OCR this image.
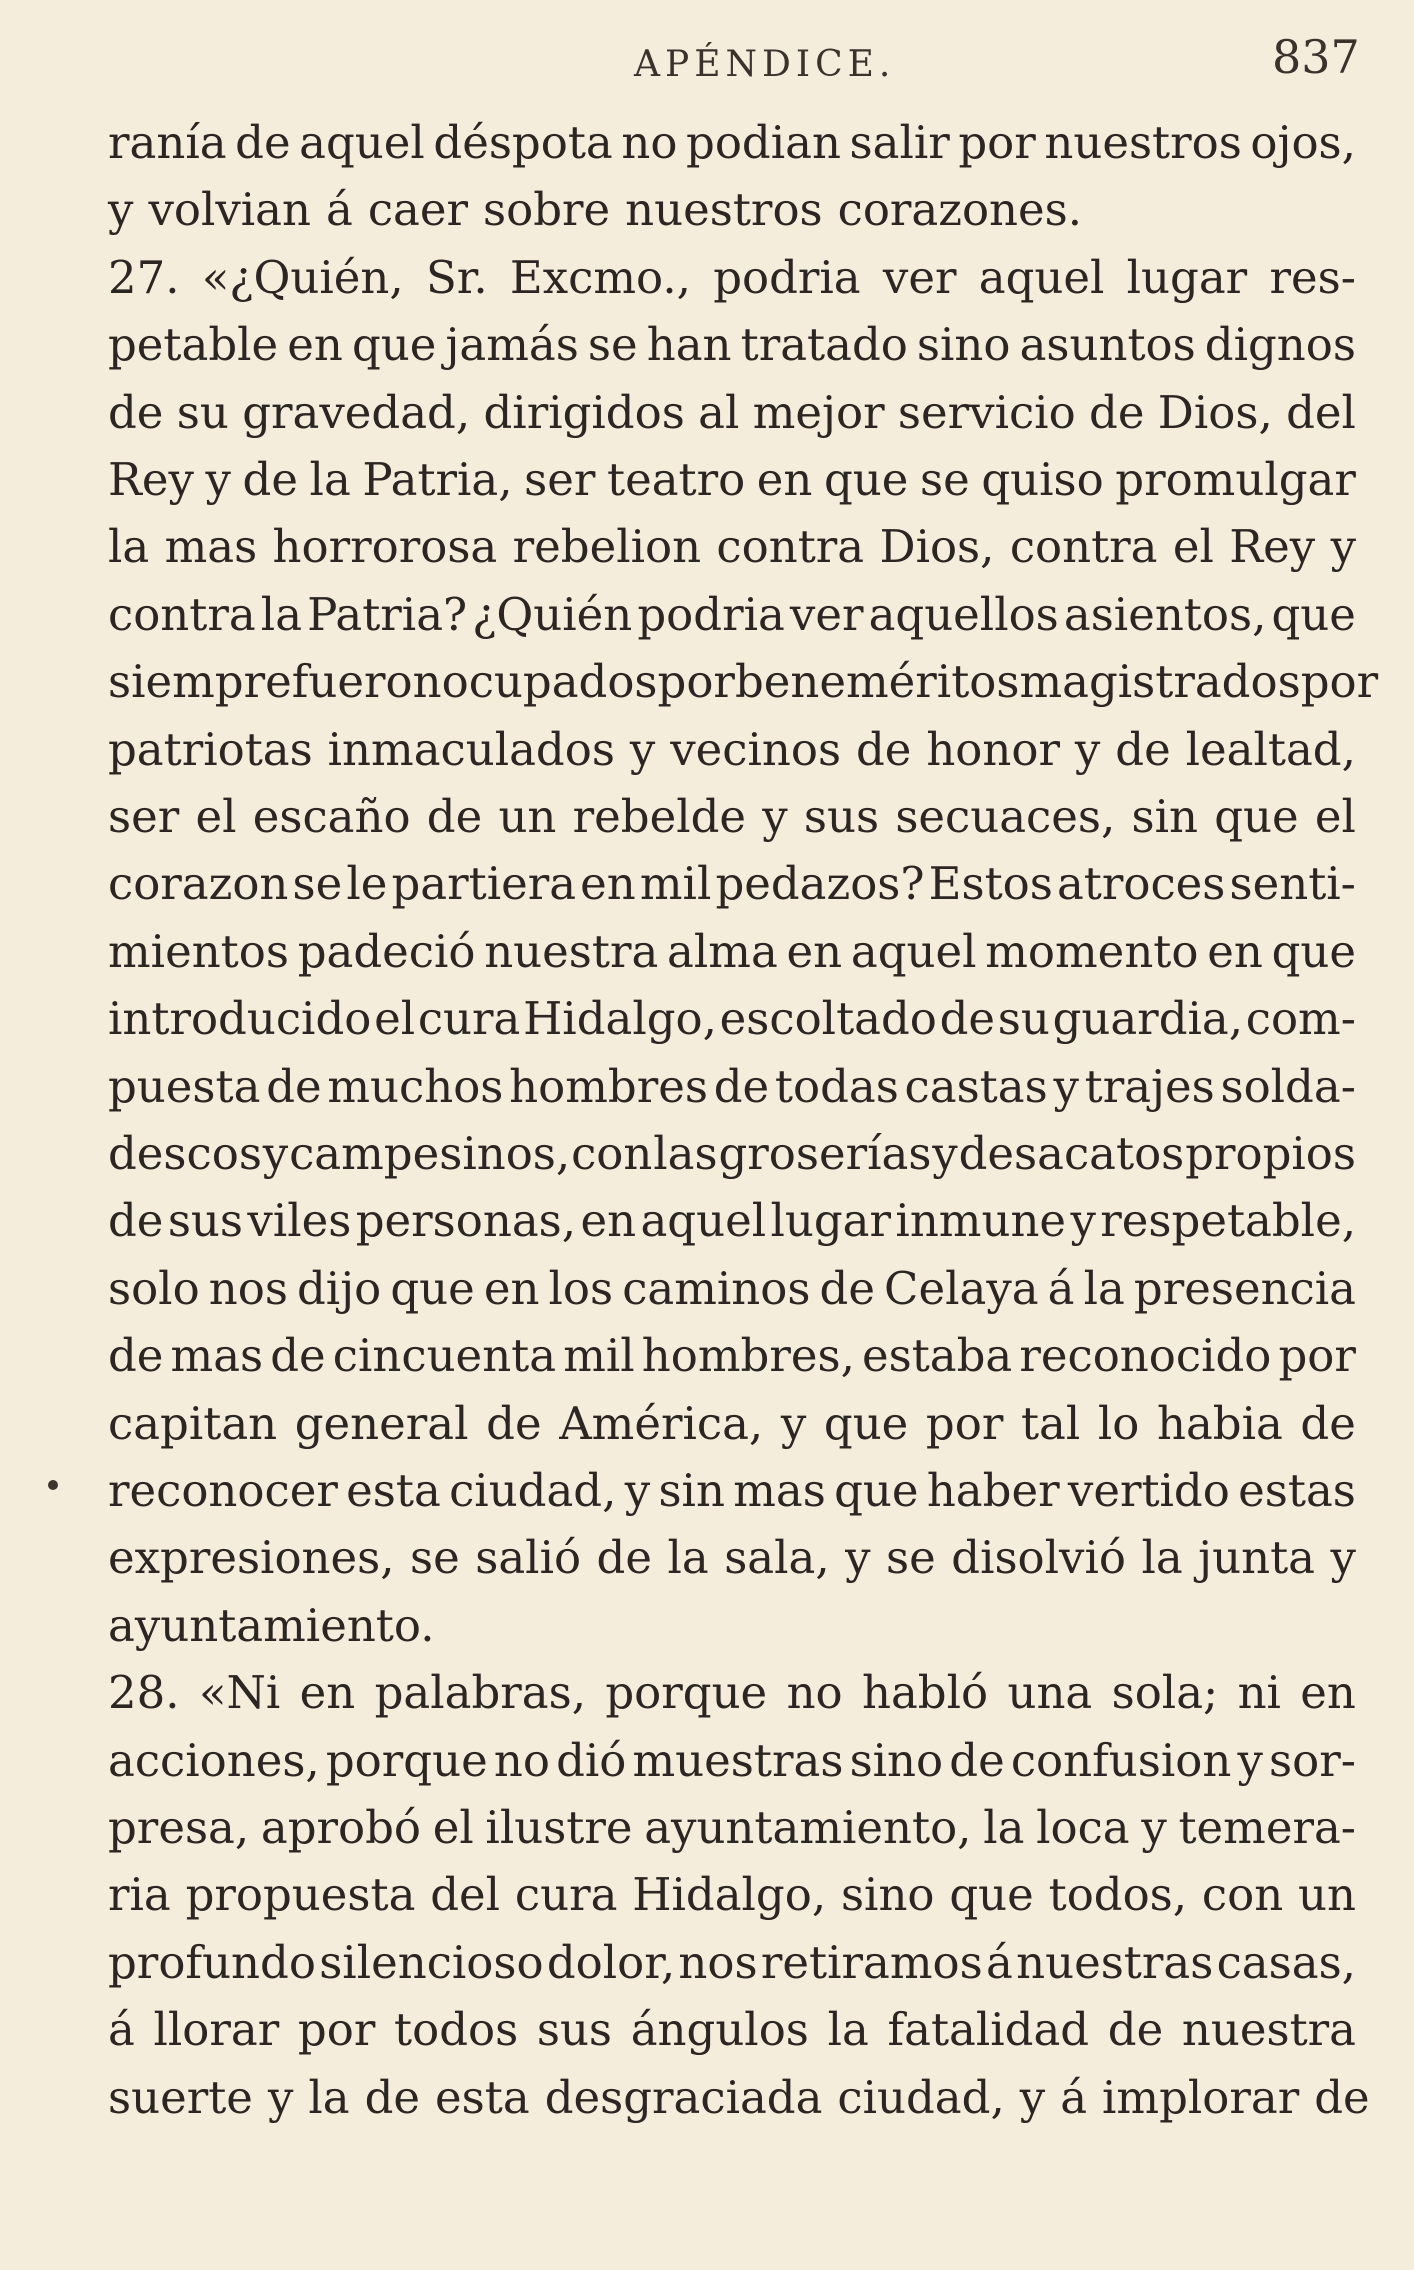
APÉNDICE.	837
ranía de aquel déspota no podian salir por nuestros ojos,
y volvian á caer sobre nuestros corazones.
27. «¿Quién, Sr. Excmo., podria ver aquel lugar res-
petable en que jamás se han tratado sino asuntos dignos
de su gravedad, dirigidos al mejor servicio de Dios, del
Rey y de la Patria, ser teatro en que se quiso promulgar
la mas horrorosa rebelion contra Dios, contra el Rey y
contra la Patria? ¿Quién podria ver aquellos asientos, que
siempre fueron ocupados por beneméritos magistrados por
patriotas inmaculados y vecinos de honor y de lealtad,
ser el escaño de un rebelde y sus secuaces, sin que el
corazon se le partiera en mil pedazos? Estos atroces senti-
mientos padeció nuestra alma en aquel momento en que
introducido el cura Hidalgo, escoltado de su guardia, com-
puesta de muchos hombres de todas castas y trajes solda-
descos y campesinos, con las groserías y desacatos propios
de sus viles personas, en aquel lugar inmune y respetable,
solo nos dijo que en los caminos de Celaya á la presencia
de mas de cincuenta mil hombres, estaba reconocido por
capitan general de América, y que por tal lo habia de
reconocer esta ciudad, y sin mas que haber vertido estas
expresiones, se salió de la sala, y se disolvió la junta y
ayuntamiento.
28. «Ni en palabras, porque no habló una sola; ni en
acciones, porque no dió muestras sino de confusion y sor-
presa, aprobó el ilustre ayuntamiento, la loca y temera-
ria propuesta del cura Hidalgo, sino que todos, con un
profundo silencioso dolor, nos retiramos á nuestras casas,
á llorar por todos sus ángulos la fatalidad de nuestra
suerte y la de esta desgraciada ciudad, y á implorar de
